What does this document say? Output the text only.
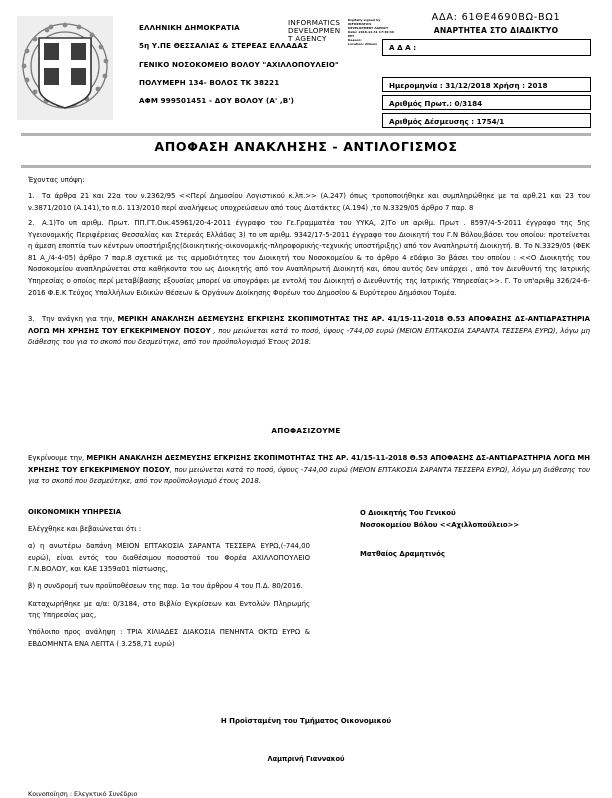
ΕΛΛΗΝΙΚΗ ΔΗΜΟΚΡΑΤΙΑ
5η Υ.ΠΕ ΘΕΣΣΑΛΙΑΣ & ΣΤΕΡΕΑΣ ΕΛΛΑΔΑΣ
ΓΕΝΙΚΟ ΝΟΣΟΚΟΜΕΙΟ ΒΟΛΟΥ "ΑΧΙΛΛΟΠΟΥΛΕΙΟ"
ΠΟΛΥΜΕΡΗ 134- ΒΟΛΟΣ ΤΚ 38221
ΑΦΜ 999501451 - ΔΟΥ ΒΟΛΟΥ (Α' ,Β')
INFORMATICS
DEVELOPMEN
T AGENCY
Digitally signed by
INFORMATICS
DEVELOPMENT AGENCY
Date: 2018.12.31 17:30:46
EET
Reason:
Location: Athens
ΑΔΑ: 61ΘΕ4690ΒΩ-ΒΩ1
ΑΝΑΡΤΗΤΕΑ ΣΤΟ ΔΙΑΔΙΚΤΥΟ
Α Δ Α :
Ημερομηνία : 31/12/2018 Χρήση : 2018
Αριθμός Πρωτ.: 0/3184
Αριθμός Δέσμευσης : 1754/1
ΑΠΟΦΑΣΗ ΑΝΑΚΛΗΣΗΣ - ΑΝΤΙΛΟΓΙΣΜΟΣ
Έχοντας υπόψη:
1. Τα άρθρα 21 και 22α του ν.2362/95 <<Περί Δημοσίου Λογιστικού κ.λπ.>> (Α.247) όπως τροποποιήθηκε και συμπληρώθηκε με τα αρθ.21 και 23 του ν.3871/2010 (Α.141),το π.δ. 113/2010 περί αναλήψεως υποχρεώσεων από τους Διατάκτες (Α.194) ,το Ν.3329/05 άρθρο 7 παρ. 8
2. Α.1)Το υπ αριθμ. Πρωτ. ΠΠ.ΓΤ.Οικ.45961/20-4-2011 έγγραφο του Γε.Γραμματέα του ΥΥΚΑ, 2)Το υπ αριθμ. Πρωτ . 8597/4-5-2011 έγγραφο της 5ης Υγειονομικής Περιφέρειας Θεσσαλίας και Στερεάς Ελλάδας 3) το υπ αριθμ. 9342/17-5-2011 έγγραφο του Διοικητή του Γ.Ν Βόλου,βάσει του οποίου: προτείνεται η άμεση εποπτία των κέντρων υποστήριξης(διοικητικής-οικονομικής-πληροφορικής-τεχνικής υποστήριξης) από τον Αναπληρωτή Διοικητή. Β. Το Ν.3329/05 (ΦΕΚ 81 Α_/4-4-05) άρθρο 7 παρ.8 σχετικά με τις αρμοδιότητες του Διοικητή του Νοσοκομείου & το άρθρο 4 εδάφιο 3ο βάσει του οποίου : <<Ο Διοικητής του Νοσοκομείου αναπληρώνεται στα καθήκοντα του ως Διοικητής από τον Αναπληρωτή Διοικητή και, όπου αυτός δεν υπάρχει , από τον Διευθυντή της Ιατρικής Υπηρεσίας ο οποίος περί μεταβίβασης εξουσίας μπορεί να υπογράφει με εντολή του Διοικητή ο Διευθυντής της Ιατρικής Υπηρεσίας>>. Γ. Το υπ'αριθμ 326/24-6-2016 Φ.Ε.Κ Τεύχος Υπαλλήλων Ειδικών Θέσεων & Οργάνων Διοίκησης Φορέων του Δημοσίου & Ευρύτερου Δημόσιου Τομέα.
3. Την ανάγκη για την, ΜΕΡΙΚΗ ΑΝΑΚΛΗΣΗ ΔΕΣΜΕΥΣΗΣ ΕΓΚΡΙΣΗΣ ΣΚΟΠΙΜΟΤΗΤΑΣ ΤΗΣ ΑΡ. 41/15-11-2018 Θ.53 ΑΠΟΦΑΣΗΣ ΔΣ-ΑΝΤΙΔΡΑΣΤΗΡΙΑ ΛΟΓΩ ΜΗ ΧΡΗΣΗΣ ΤΟΥ ΕΓΚΕΚΡΙΜΕΝΟΥ ΠΟΣΟΥ , που μειώνεται κατά το ποσό, ύψους -744,00 ευρώ (ΜΕΙΟΝ ΕΠΤΑΚΟΣΙΑ ΣΑΡΑΝΤΑ ΤΕΣΣΕΡΑ ΕΥΡΩ), λόγω μη διάθεσης του για το σκοπό που δεσμεύτηκε, από τον προϋπολογισμό Έτους 2018.
ΑΠΟΦΑΣΙΖΟΥΜΕ
Εγκρίνουμε την, ΜΕΡΙΚΗ ΑΝΑΚΛΗΣΗ ΔΕΣΜΕΥΣΗΣ ΕΓΚΡΙΣΗΣ ΣΚΟΠΙΜΟΤΗΤΑΣ ΤΗΣ ΑΡ. 41/15-11-2018 Θ.53 ΑΠΟΦΑΣΗΣ ΔΣ-ΑΝΤΙΔΡΑΣΤΗΡΙΑ ΛΟΓΩ ΜΗ ΧΡΗΣΗΣ ΤΟΥ ΕΓΚΕΚΡΙΜΕΝΟΥ ΠΟΣΟΥ, που μειώνεται κατά το ποσό, ύψους -744,00 ευρώ (ΜΕΙΟΝ ΕΠΤΑΚΟΣΙΑ ΣΑΡΑΝΤΑ ΤΕΣΣΕΡΑ ΕΥΡΩ), λόγω μη διάθεσης του για το σκοπό που δεσμεύτηκε, από τον προϋπολογισμό έτους 2018.
ΟΙΚΟΝΟΜΙΚΗ ΥΠΗΡΕΣΙΑ

Ελέγχθηκε και βεβαιώνεται ότι :

α) η ανωτέρω δαπάνη ΜΕΙΟΝ ΕΠΤΑΚΟΣΙΑ ΣΑΡΑΝΤΑ ΤΕΣΣΕΡΑ ΕΥΡΩ,(-744,00 ευρώ), είναι εντός του διαθέσιμου ποσοστού του Φορέα ΑΧΙΛΛΟΠΟΥΛΕΙΟ Γ.Ν.ΒΟΛΟΥ, και ΚΑΕ 1359α01 πίστωσης,

β) η συνδρομή των προϋποθέσεων της παρ. 1α του άρθρου 4 του Π.Δ. 80/2016.

Καταχωρήθηκε με α/α: 0/3184, στο Βιβλίο Εγκρίσεων και Εντολών Πληρωμής της Υπηρεσίας μας,

Υπόλοιπο προς ανάληψη : ΤΡΙΑ ΧΙΛΙΑΔΕΣ ΔΙΑΚΟΣΙΑ ΠΕΝΗΝΤΑ ΟΚΤΩ ΕΥΡΩ & ΕΒΔΟΜΗΝΤΑ ΕΝΑ ΛΕΠΤΑ ( 3.258,71 ευρώ)

Ο Διοικητής Του Γενικού

Νοσοκομείου Βόλου <<Αχιλλοπούλειο>>

Ματθαίος Δραμητινός

Η Προϊσταμένη του Τμήματος Οικονομικού
Λαμπρινή Γιαννακού
Κοινοποίηση : Ελεγκτικό Συνέδριο
